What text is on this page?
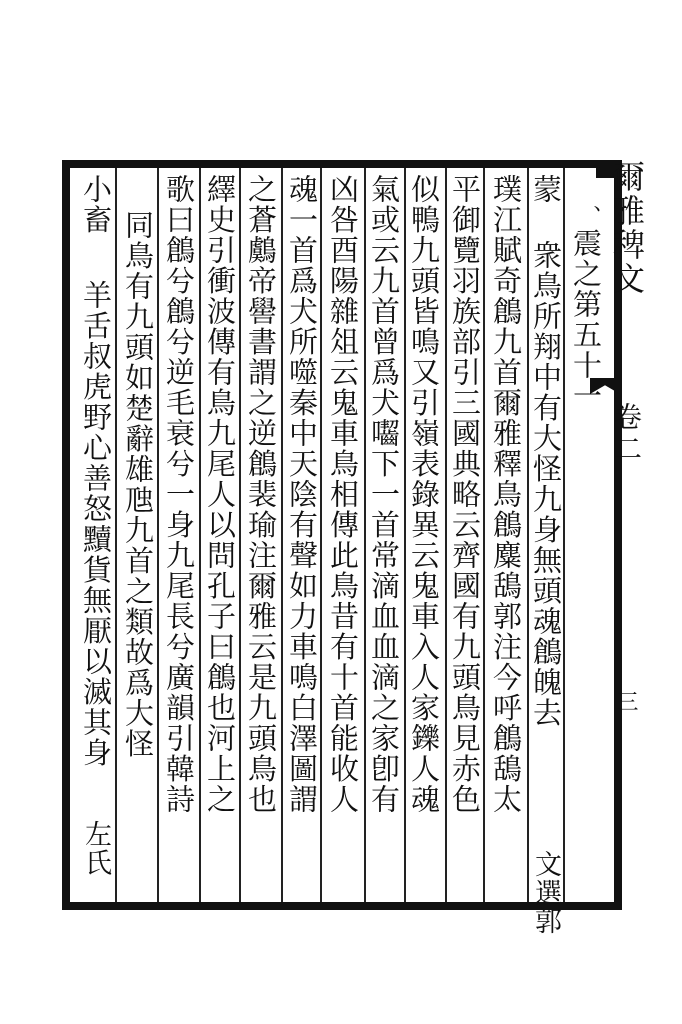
爾雅稗文
卷二
三
、
震之第五十一
蒙
衆鳥所翔中有大怪九身無頭魂鶬魄去
文選郭
璞江賦奇鶬九首爾雅釋鳥鶬麋鴰郭注今呼鶬鴰太
平御覽羽族部引三國典略云齊國有九頭鳥見赤色
似鴨九頭皆鳴又引嶺表錄異云鬼車入人家鑠人魂
氣或云九首曾爲犬囓下一首常滴血血滴之家卽有
凶咎酉陽雜俎云鬼車鳥相傳此鳥昔有十首能收人
魂一首爲犬所噬秦中天陰有聲如力車鳴白澤圖謂
之蒼鸆帝嚳書謂之逆鶬裴瑜注爾雅云是九頭鳥也
繹史引衝波傳有鳥九尾人以問孔子曰鶬也河上之
歌曰鶬兮鶬兮逆毛衰兮一身九尾長兮廣韻引韓詩
同鳥有九頭如楚辭雄虺九首之類故爲大怪
小畜
羊舌叔虎野心善怒黷貨無厭以滅其身
左氏
